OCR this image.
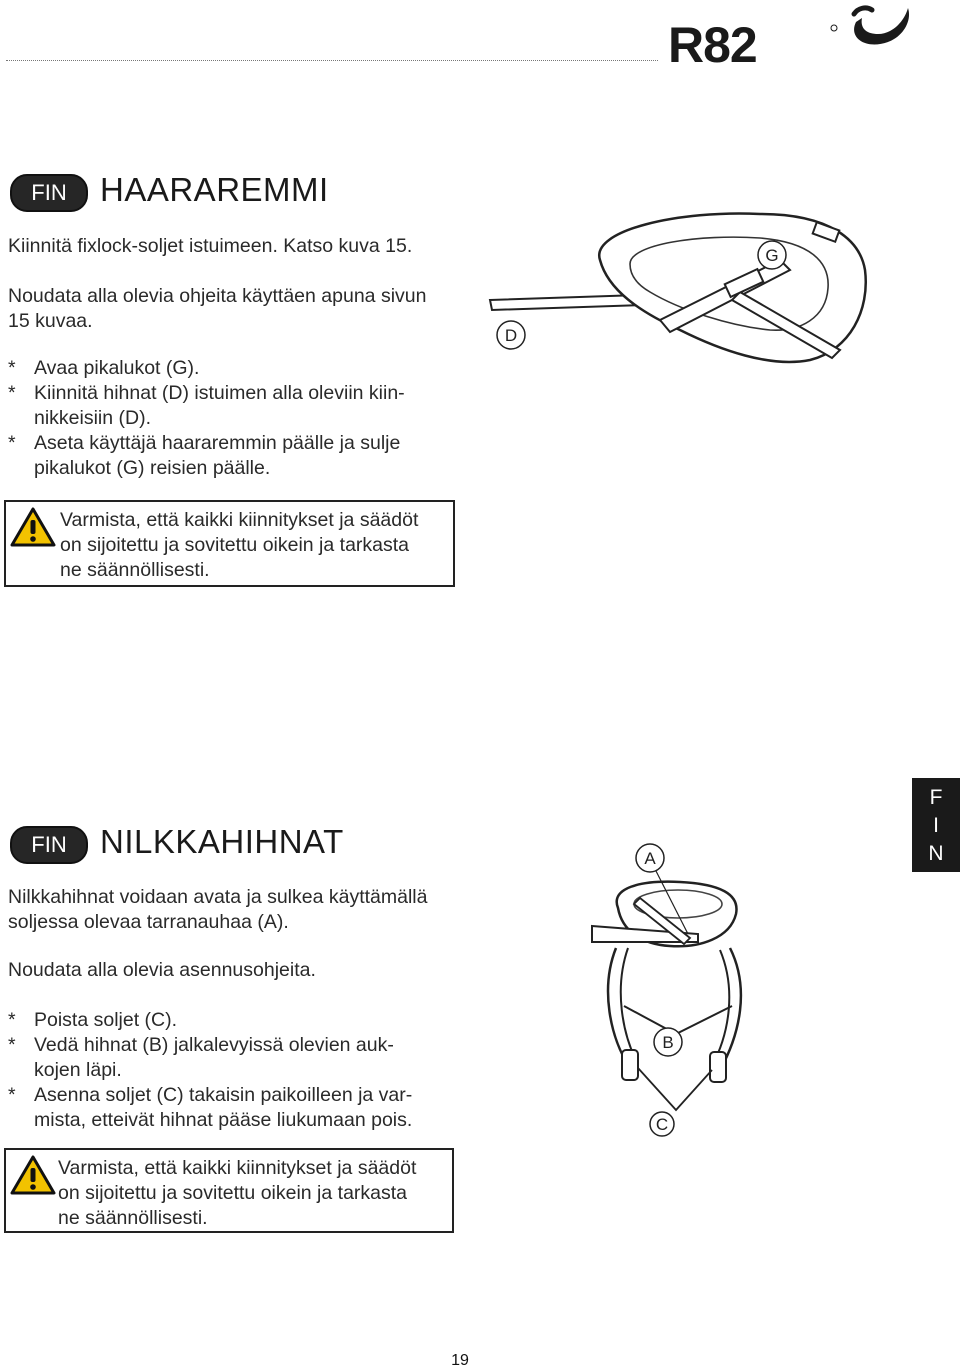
R82
F
I
N
FIN	HAARAREMMI

Kiinnitä fixlock-soljet istuimeen. Katso kuva 15.

Noudata alla olevia ohjeita käyttäen apuna sivun
15 kuvaa.
* Avaa pikalukot (G).
* Kiinnitä hihnat (D) istuimen alla oleviin kiin-
nikkeisiin (D).
* Aseta käyttäjä haararemmin päälle ja sulje
pikalukot (G) reisien päälle.
Varmista, että kaikki kiinnitykset ja säädöt
on sijoitettu ja sovitettu oikein ja tarkasta
ne säännöllisesti.
D
G
FIN	NILKKAHIHNAT
Nilkkahihnat voidaan avata ja sulkea käyttämällä
soljessa olevaa tarranauhaa (A).

Noudata alla olevia asennusohjeita.

* Poista soljet (C).
* Vedä hihnat (B) jalkalevyissä olevien auk-
kojen läpi.
* Asenna soljet (C) takaisin paikoilleen ja var-
mista, etteivät hihnat pääse liukumaan pois.
Varmista, että kaikki kiinnitykset ja säädöt
on sijoitettu ja sovitettu oikein ja tarkasta
ne säännöllisesti.
A
B
C
19
